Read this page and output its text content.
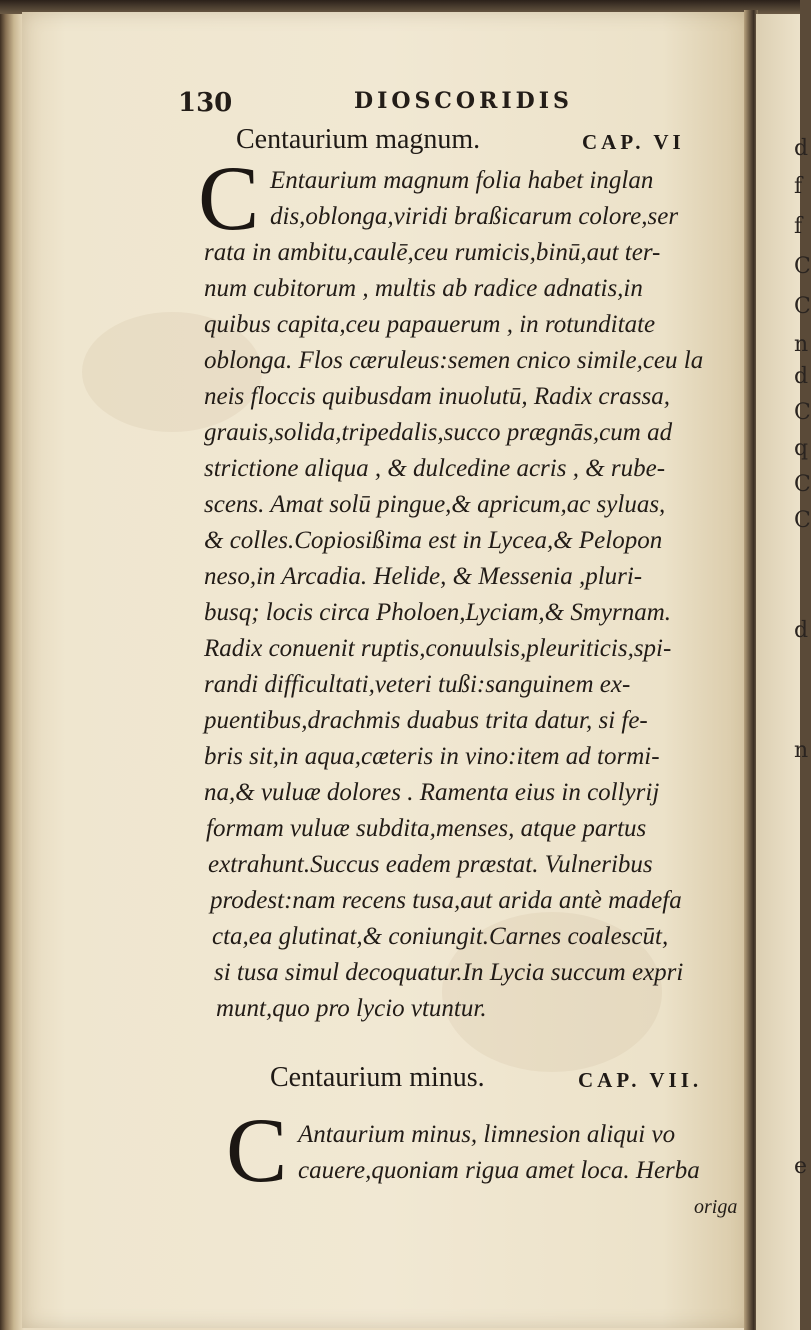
d
f
f
C
C
n
d
C
q
C
C
d
n
e
130	DIOSCORIDIS
Centaurium magnum.	CAP. VI
C Entaurium magnum folia habet inglan
dis,oblonga,viridi braßicarum colore,ser
rata in ambitu,caulē,ceu rumicis,binū,aut ter-
num cubitorum , multis ab radice adnatis,in
quibus capita,ceu papauerum , in rotunditate
oblonga. Flos cæruleus:semen cnico simile,ceu la
neis floccis quibusdam inuolutū, Radix crassa,
grauis,solida,tripedalis,succo prægnās,cum ad
strictione aliqua , & dulcedine acris , & rube-
scens. Amat solū pingue,& apricum,ac syluas,
& colles.Copiosißima est in Lycea,& Pelopon
neso,in Arcadia. Helide, & Messenia ,pluri-
busq; locis circa Pholoen,Lyciam,& Smyrnam.
Radix conuenit ruptis,conuulsis,pleuriticis,spi-
randi difficultati,veteri tußi:sanguinem ex-
puentibus,drachmis duabus trita datur, si fe-
bris sit,in aqua,cæteris in vino:item ad tormi-
na,& vuluæ dolores . Ramenta eius in collyrij
formam vuluæ subdita,menses, atque partus
extrahunt.Succus eadem præstat. Vulneribus
prodest:nam recens tusa,aut arida antè madefa
cta,ea glutinat,& coniungit.Carnes coalescūt,
si tusa simul decoquatur.In Lycia succum expri
munt,quo pro lycio vtuntur.
Centaurium minus.	CAP. VII.
C Antaurium minus, limnesion aliqui vo
cauere,quoniam rigua amet loca. Herba
origa
